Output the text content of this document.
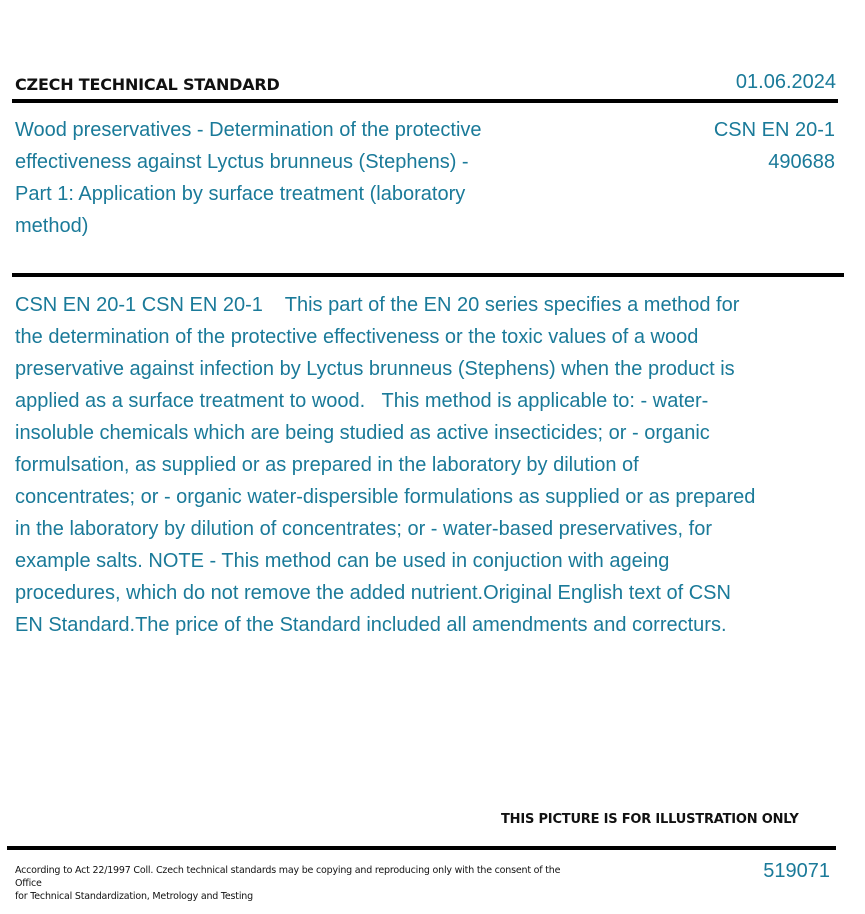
CZECH TECHNICAL STANDARD	01.06.2024
Wood preservatives - Determination of the protective effectiveness against Lyctus brunneus (Stephens) - Part 1: Application by surface treatment (laboratory method)
CSN EN 20-1
490688
CSN EN 20-1 CSN EN 20-1    This part of the EN 20 series specifies a method for the determination of the protective effectiveness or the toxic values of a wood preservative against infection by Lyctus brunneus (Stephens) when the product is applied as a surface treatment to wood.   This method is applicable to: - water-insoluble chemicals which are being studied as active insecticides; or - organic formulsation, as supplied or as prepared in the laboratory by dilution of concentrates; or - organic water-dispersible formulations as supplied or as prepared in the laboratory by dilution of concentrates; or - water-based preservatives, for example salts. NOTE - This method can be used in conjuction with ageing procedures, which do not remove the added nutrient.Original English text of CSN EN Standard.The price of the Standard included all amendments and correcturs.
THIS PICTURE IS FOR ILLUSTRATION ONLY
According to Act 22/1997 Coll. Czech technical standards may be copying and reproducing only with the consent of the Office
for Technical Standardization, Metrology and Testing
519071
